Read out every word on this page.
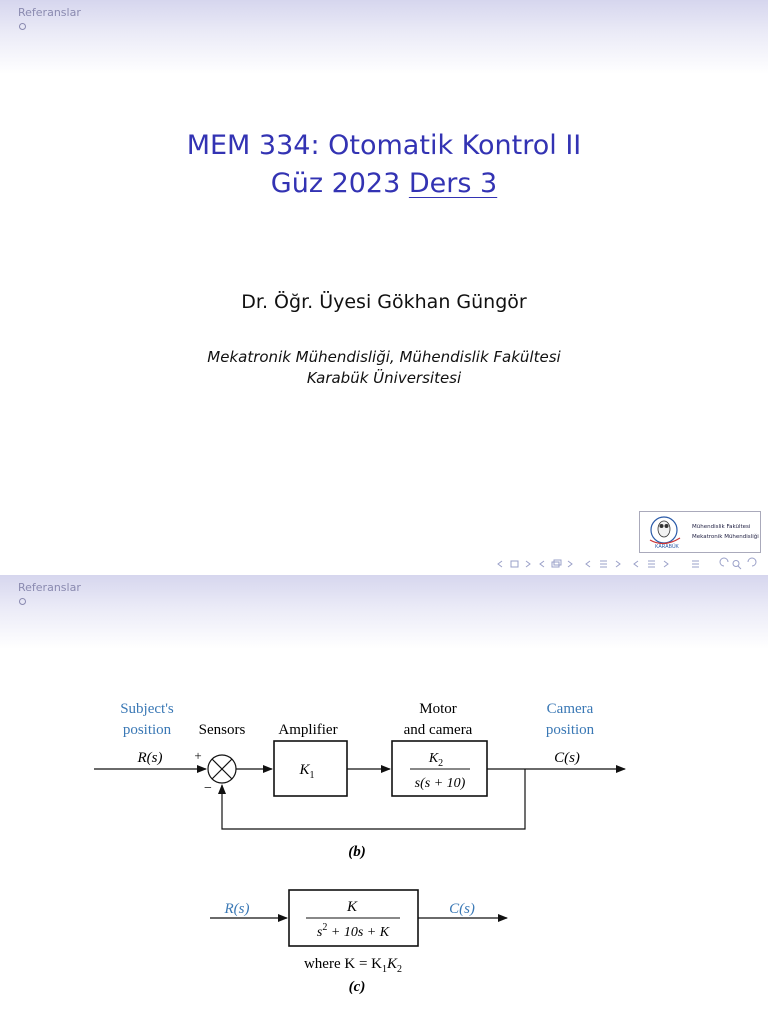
Referanslar
MEM 334: Otomatik Kontrol II
Güz 2023 Ders 3
Dr. Öğr. Üyesi Gökhan Güngör
Mekatronik Mühendisliği, Mühendislik Fakültesi
Karabük Üniversitesi
KARABÜK
Mühendislik Fakültesi
Mekatronik Mühendisliği
Referanslar
Subject's
position
R(s)
Sensors
+
−
Amplifier
Motor
and camera
Camera
position
C(s)
$K_1$
$K_2$
s(s + 10)
(b)
R(s)	K
$s^2 + 10s + K$
C(s)
where $K = K_1K_2$
(c)
